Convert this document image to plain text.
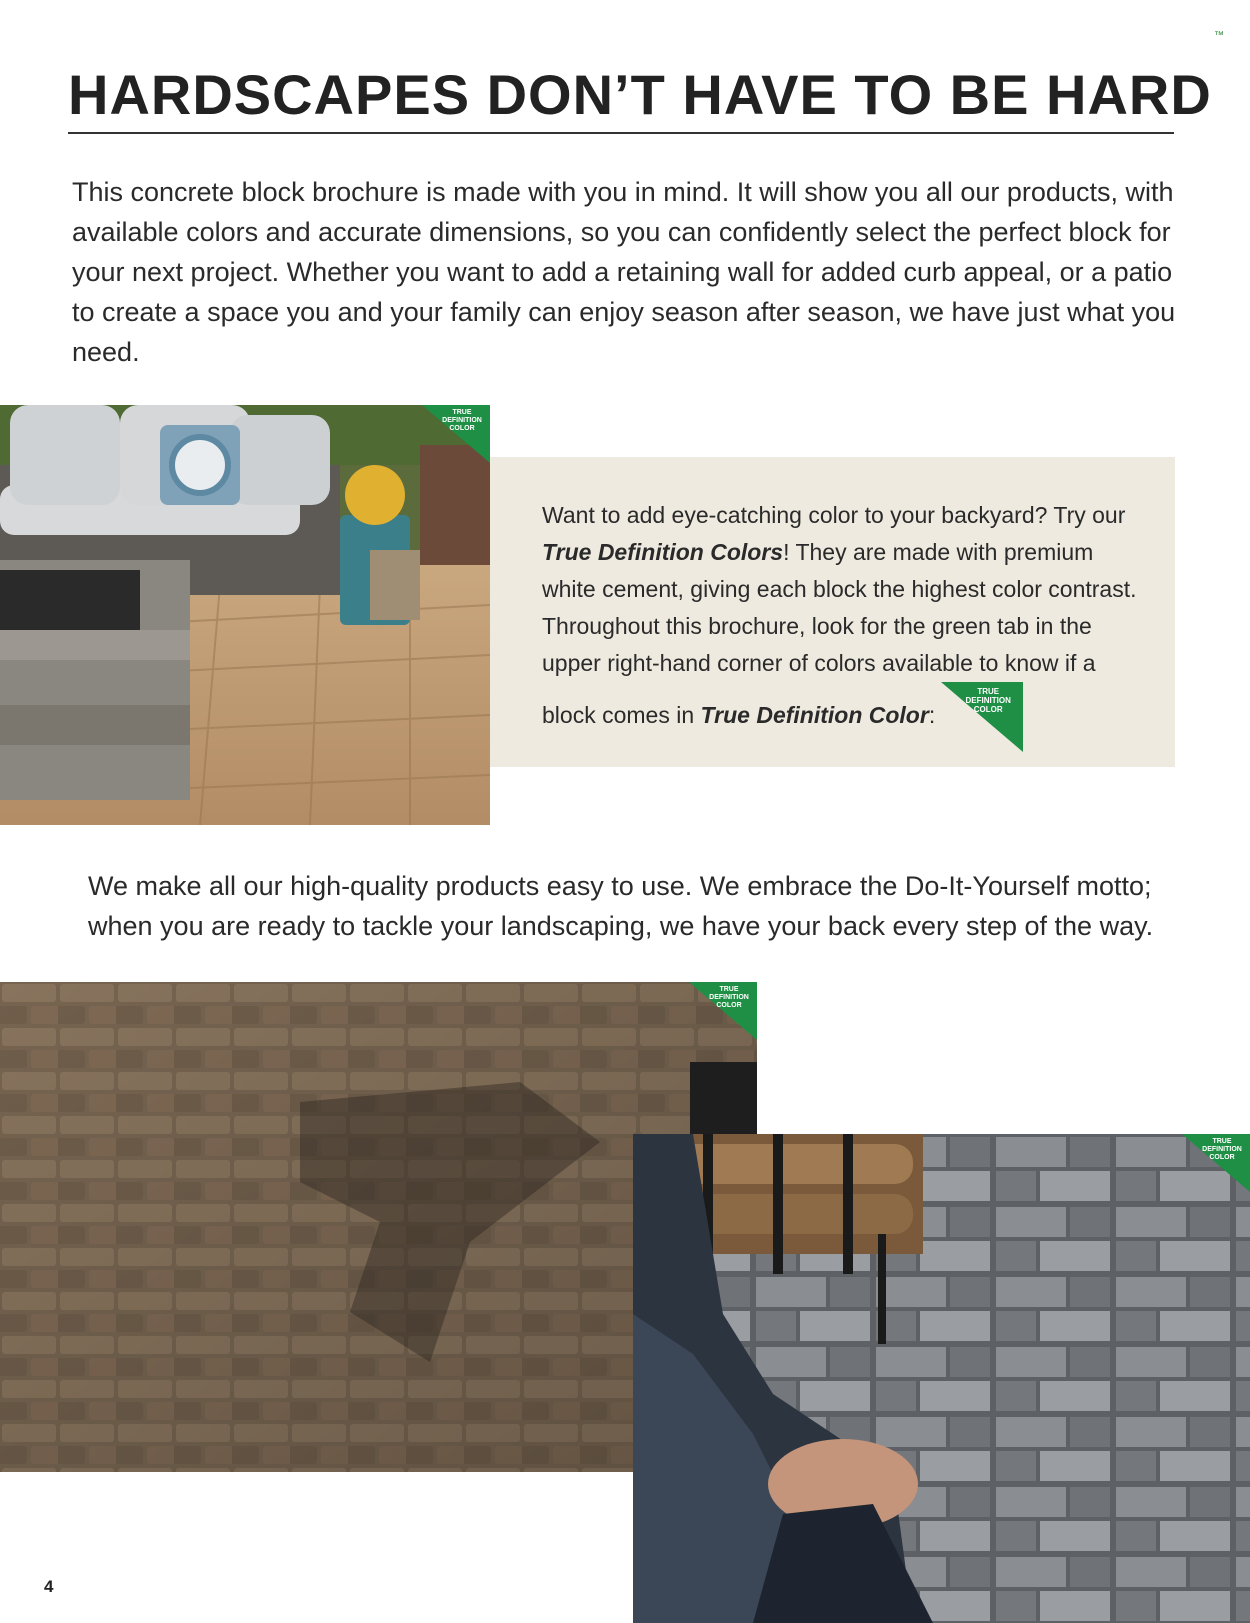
™
HARDSCAPES DON’T HAVE TO BE HARD

This concrete block brochure is made with you in mind. It will show you all our products, with available colors and accurate dimensions, so you can confidently select the perfect block for your next project. Whether you want to add a retaining wall for added curb appeal, or a patio to create a space you and your family can enjoy season after season, we have just what you need.

TRUE DEFINITION COLOR

Want to add eye-catching color to your backyard? Try our True Definition Colors! They are made with premium white cement, giving each block the highest color contrast. Throughout this brochure, look for the green tab in the upper right-hand corner of colors available to know if a block comes in True Definition Color:
TRUE DEFINITION COLOR

We make all our high-quality products easy to use. We embrace the Do-It-Yourself motto; when you are ready to tackle your landscaping, we have your back every step of the way.

TRUE DEFINITION COLOR
TRUE DEFINITION COLOR
4
